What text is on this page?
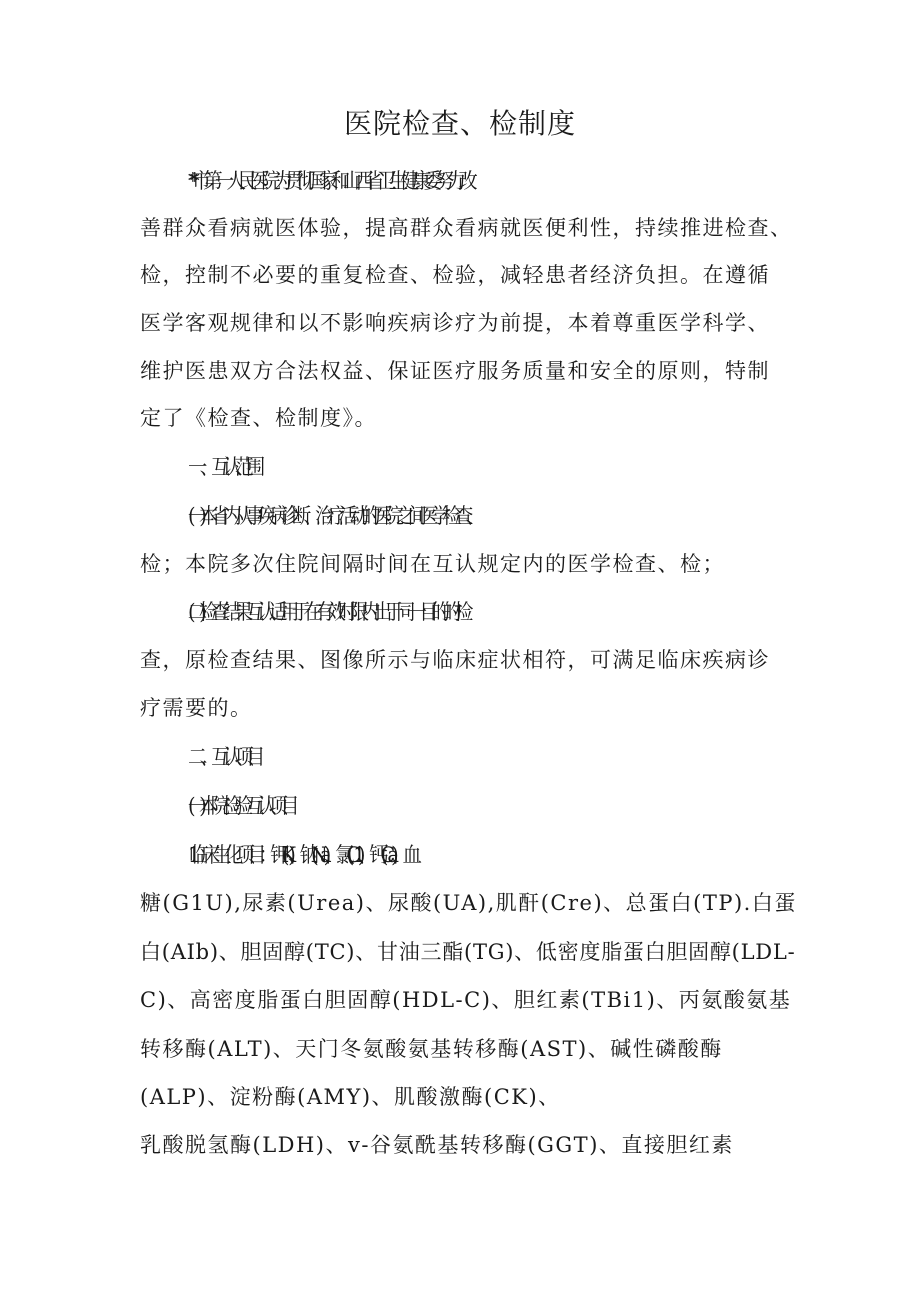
医院检查、检制度

**市第一人民医院为贯彻国家和山西省卫生健康委努力改

善群众看病就医体验，提高群众看病就医便利性，持续推进检查、

检，控制不必要的重复检查、检验，减轻患者经济负担。在遵循

医学客观规律和以不影响疾病诊疗为前提，本着尊重医学科学、

维护医患双方合法权益、保证医疗服务质量和安全的原则，特制

定了《检查、检制度》。

一、互认范围

(一)本省内从事疾病诊断、治疗活动的医院之间医学检查、

检；本院多次住院间隔时间在互认规定内的医学检查、检；

(二)检查结果互认适用于在有效时限内出于同一目的的检

查，原检查结果、图像所示与临床症状相符，可满足临床疾病诊

疗需要的。

二、互认项目

(一)本院检验互认项目

1 .临床生化项目：钾(K)、钠(Na)、氯(C1)、钙(Ca)、血

糖(G1U),尿素(Urea)、尿酸(UA),肌酐(Cre)、总蛋白(TP).白蛋

白(AIb)、胆固醇(TC)、甘油三酯(TG)、低密度脂蛋白胆固醇(LDL-

C)、高密度脂蛋白胆固醇(HDL-C)、胆红素(TBi1)、丙氨酸氨基

转移酶(ALT)、天门冬氨酸氨基转移酶(AST)、碱性磷酸酶

(ALP)、淀粉酶(AMY)、肌酸激酶(CK)、

乳酸脱氢酶(LDH)、v-谷氨酰基转移酶(GGT)、直接胆红素
